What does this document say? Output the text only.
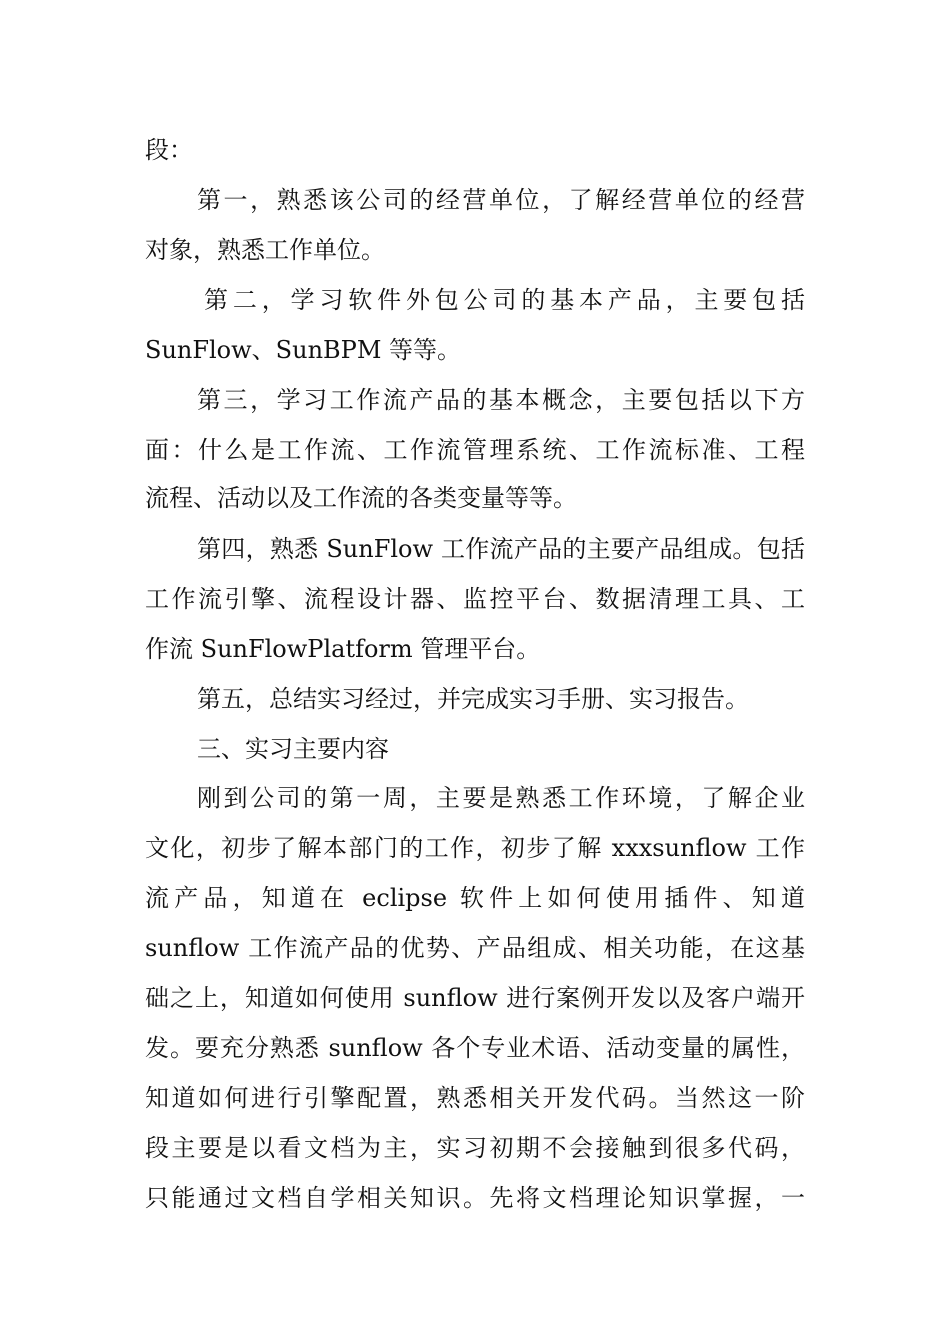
段：
第一，熟悉该公司的经营单位，了解经营单位的经营
对象，熟悉工作单位。
第二，学习软件外包公司的基本产品，主要包括
SunFlow、SunBPM 等等。
第三，学习工作流产品的基本概念，主要包括以下方
面：什么是工作流、工作流管理系统、工作流标准、工程
流程、活动以及工作流的各类变量等等。
第四，熟悉 SunFlow 工作流产品的主要产品组成。包括
工作流引擎、流程设计器、监控平台、数据清理工具、工
作流 SunFlowPlatform 管理平台。
第五，总结实习经过，并完成实习手册、实习报告。
三、实习主要内容
刚到公司的第一周，主要是熟悉工作环境，了解企业
文化，初步了解本部门的工作，初步了解 xxxsunflow 工作
流产品，知道在 eclipse 软件上如何使用插件、知道
sunflow 工作流产品的优势、产品组成、相关功能，在这基
础之上，知道如何使用 sunflow 进行案例开发以及客户端开
发。要充分熟悉 sunflow 各个专业术语、活动变量的属性，
知道如何进行引擎配置，熟悉相关开发代码。当然这一阶
段主要是以看文档为主，实习初期不会接触到很多代码，
只能通过文档自学相关知识。先将文档理论知识掌握，一
